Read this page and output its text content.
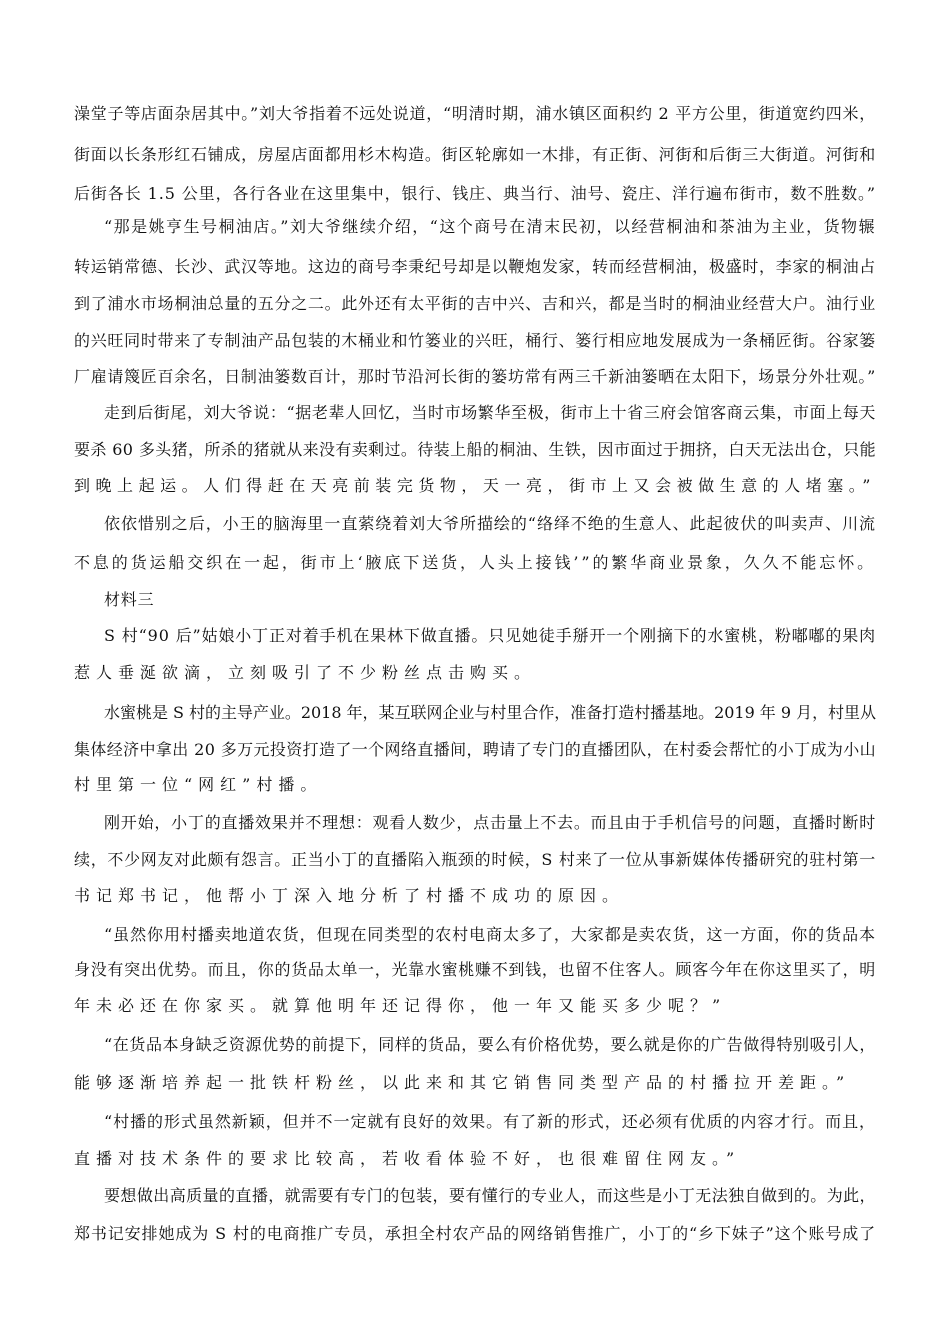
澡堂子等店面杂居其中。”刘大爷指着不远处说道，“明清时期，浦水镇区面积约 2 平方公里，街道宽约四米，
街面以长条形红石铺成，房屋店面都用杉木构造。街区轮廓如一木排，有正街、河街和后街三大街道。河街和
后街各长 1.5 公里，各行各业在这里集中，银行、钱庄、典当行、油号、瓷庄、洋行遍布街市，数不胜数。”
“那是姚亨生号桐油店。”刘大爷继续介绍，“这个商号在清末民初，以经营桐油和茶油为主业，货物辗
转运销常德、长沙、武汉等地。这边的商号李秉纪号却是以鞭炮发家，转而经营桐油，极盛时，李家的桐油占
到了浦水市场桐油总量的五分之二。此外还有太平街的吉中兴、吉和兴，都是当时的桐油业经营大户。油行业
的兴旺同时带来了专制油产品包装的木桶业和竹篓业的兴旺，桶行、篓行相应地发展成为一条桶匠街。谷家篓
厂雇请篾匠百余名，日制油篓数百计，那时节沿河长街的篓坊常有两三千新油篓晒在太阳下，场景分外壮观。”
走到后街尾，刘大爷说：“据老辈人回忆，当时市场繁华至极，街市上十省三府会馆客商云集，市面上每天
要杀 60 多头猪，所杀的猪就从来没有卖剩过。待装上船的桐油、生铁，因市面过于拥挤，白天无法出仓，只能
到晚上起运。人们得赶在天亮前装完货物，天一亮，街市上又会被做生意的人堵塞。”
依依惜别之后，小王的脑海里一直萦绕着刘大爷所描绘的“络绎不绝的生意人、此起彼伏的叫卖声、川流
不息的货运船交织在一起，街市上‘腋底下送货，人头上接钱’”的繁华商业景象，久久不能忘怀。
材料三
S 村“90 后”姑娘小丁正对着手机在果林下做直播。只见她徒手掰开一个刚摘下的水蜜桃，粉嘟嘟的果肉
惹人垂涎欲滴，立刻吸引了不少粉丝点击购买。
水蜜桃是 S 村的主导产业。2018 年，某互联网企业与村里合作，准备打造村播基地。2019 年 9 月，村里从
集体经济中拿出 20 多万元投资打造了一个网络直播间，聘请了专门的直播团队，在村委会帮忙的小丁成为小山
村里第一位“网红”村播。
刚开始，小丁的直播效果并不理想：观看人数少，点击量上不去。而且由于手机信号的问题，直播时断时
续，不少网友对此颇有怨言。正当小丁的直播陷入瓶颈的时候，S 村来了一位从事新媒体传播研究的驻村第一
书记郑书记，他帮小丁深入地分析了村播不成功的原因。
“虽然你用村播卖地道农货，但现在同类型的农村电商太多了，大家都是卖农货，这一方面，你的货品本
身没有突出优势。而且，你的货品太单一，光靠水蜜桃赚不到钱，也留不住客人。顾客今年在你这里买了，明
年未必还在你家买。就算他明年还记得你，他一年又能买多少呢？”
“在货品本身缺乏资源优势的前提下，同样的货品，要么有价格优势，要么就是你的广告做得特别吸引人，
能够逐渐培养起一批铁杆粉丝，以此来和其它销售同类型产品的村播拉开差距。”
“村播的形式虽然新颖，但并不一定就有良好的效果。有了新的形式，还必须有优质的内容才行。而且，
直播对技术条件的要求比较高，若收看体验不好，也很难留住网友。”
要想做出高质量的直播，就需要有专门的包装，要有懂行的专业人，而这些是小丁无法独自做到的。为此，
郑书记安排她成为 S 村的电商推广专员，承担全村农产品的网络销售推广，小丁的“乡下妹子”这个账号成了
